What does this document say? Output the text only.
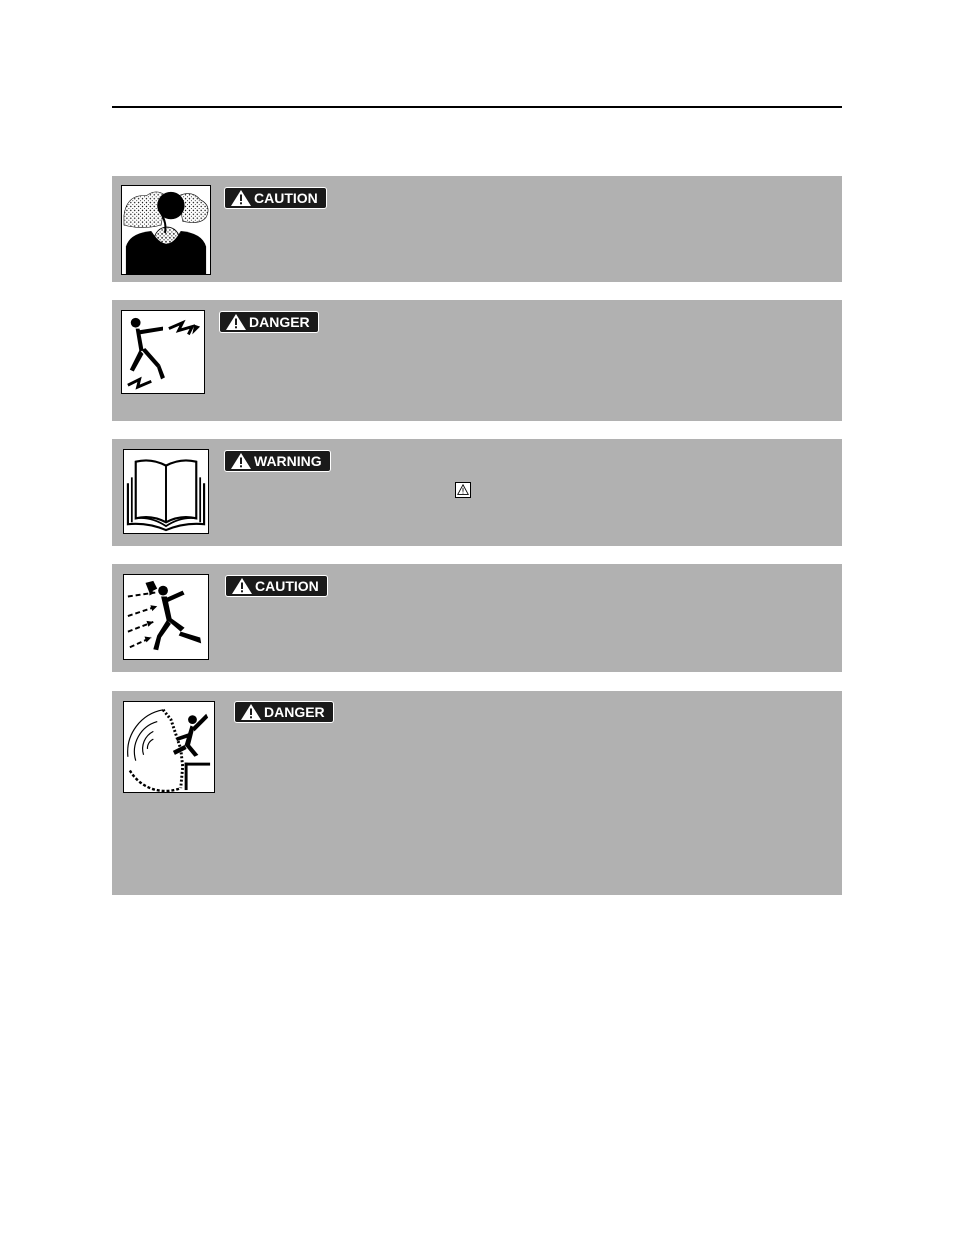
CAUTION
DANGER
WARNING
CAUTION
DANGER
